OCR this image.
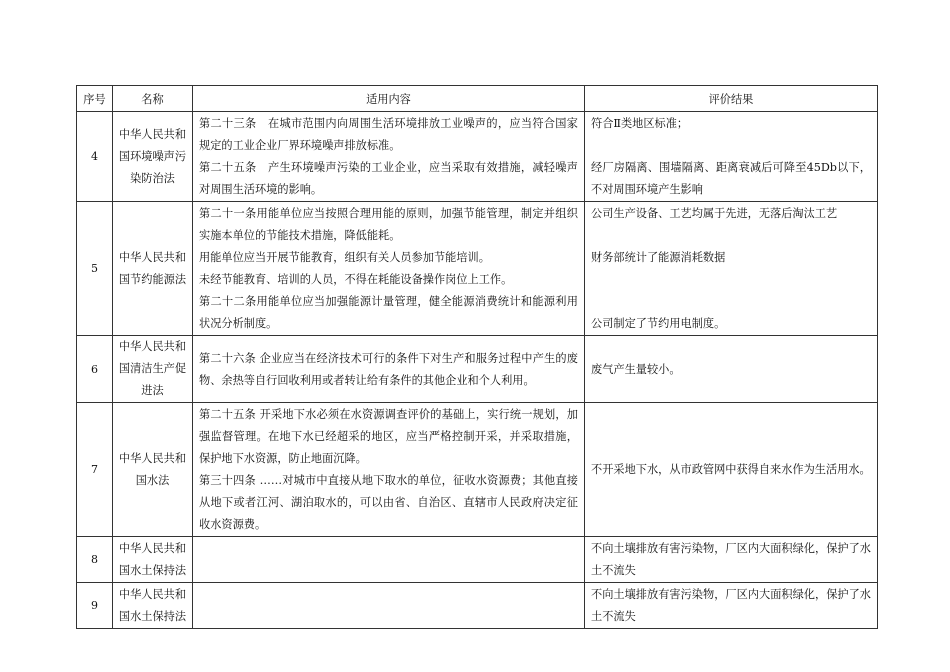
序号	名称	适用内容	评价结果
4	中华人民共和国环境噪声污染防治法	第二十三条　在城市范围内向周围生活环境排放工业噪声的，应当符合国家规定的工业企业厂界环境噪声排放标准。
第二十五条　产生环境噪声污染的工业企业，应当采取有效措施，减轻噪声对周围生活环境的影响。	符合Ⅱ类地区标准；
经厂房隔离、围墙隔离、距离衰减后可降至45Db以下，不对周围环境产生影响

5	中华人民共和国节约能源法	第二十一条用能单位应当按照合理用能的原则，加强节能管理，制定并组织实施本单位的节能技术措施，降低能耗。
用能单位应当开展节能教育，组织有关人员参加节能培训。
未经节能教育、培训的人员，不得在耗能设备操作岗位上工作。
第二十二条用能单位应当加强能源计量管理，健全能源消费统计和能源利用状况分析制度。	公司生产设备、工艺均属于先进，无落后淘汰工艺
财务部统计了能源消耗数据
公司制定了节约用电制度。

6	中华人民共和国清洁生产促进法	第二十六条 企业应当在经济技术可行的条件下对生产和服务过程中产生的废物、余热等自行回收利用或者转让给有条件的其他企业和个人利用。	废气产生量较小。

7	中华人民共和国水法	第二十五条 开采地下水必须在水资源调查评价的基础上，实行统一规划，加强监督管理。在地下水已经超采的地区，应当严格控制开采，并采取措施，保护地下水资源，防止地面沉降。
第三十四条 ……对城市中直接从地下取水的单位，征收水资源费；其他直接从地下或者江河、湖泊取水的，可以由省、自治区、直辖市人民政府决定征收水资源费。	不开采地下水，从市政管网中获得自来水作为生活用水。

8	中华人民共和国水土保持法		不向土壤排放有害污染物，厂区内大面积绿化，保护了水土不流失

9	中华人民共和国水土保持法		不向土壤排放有害污染物，厂区内大面积绿化，保护了水土不流失
